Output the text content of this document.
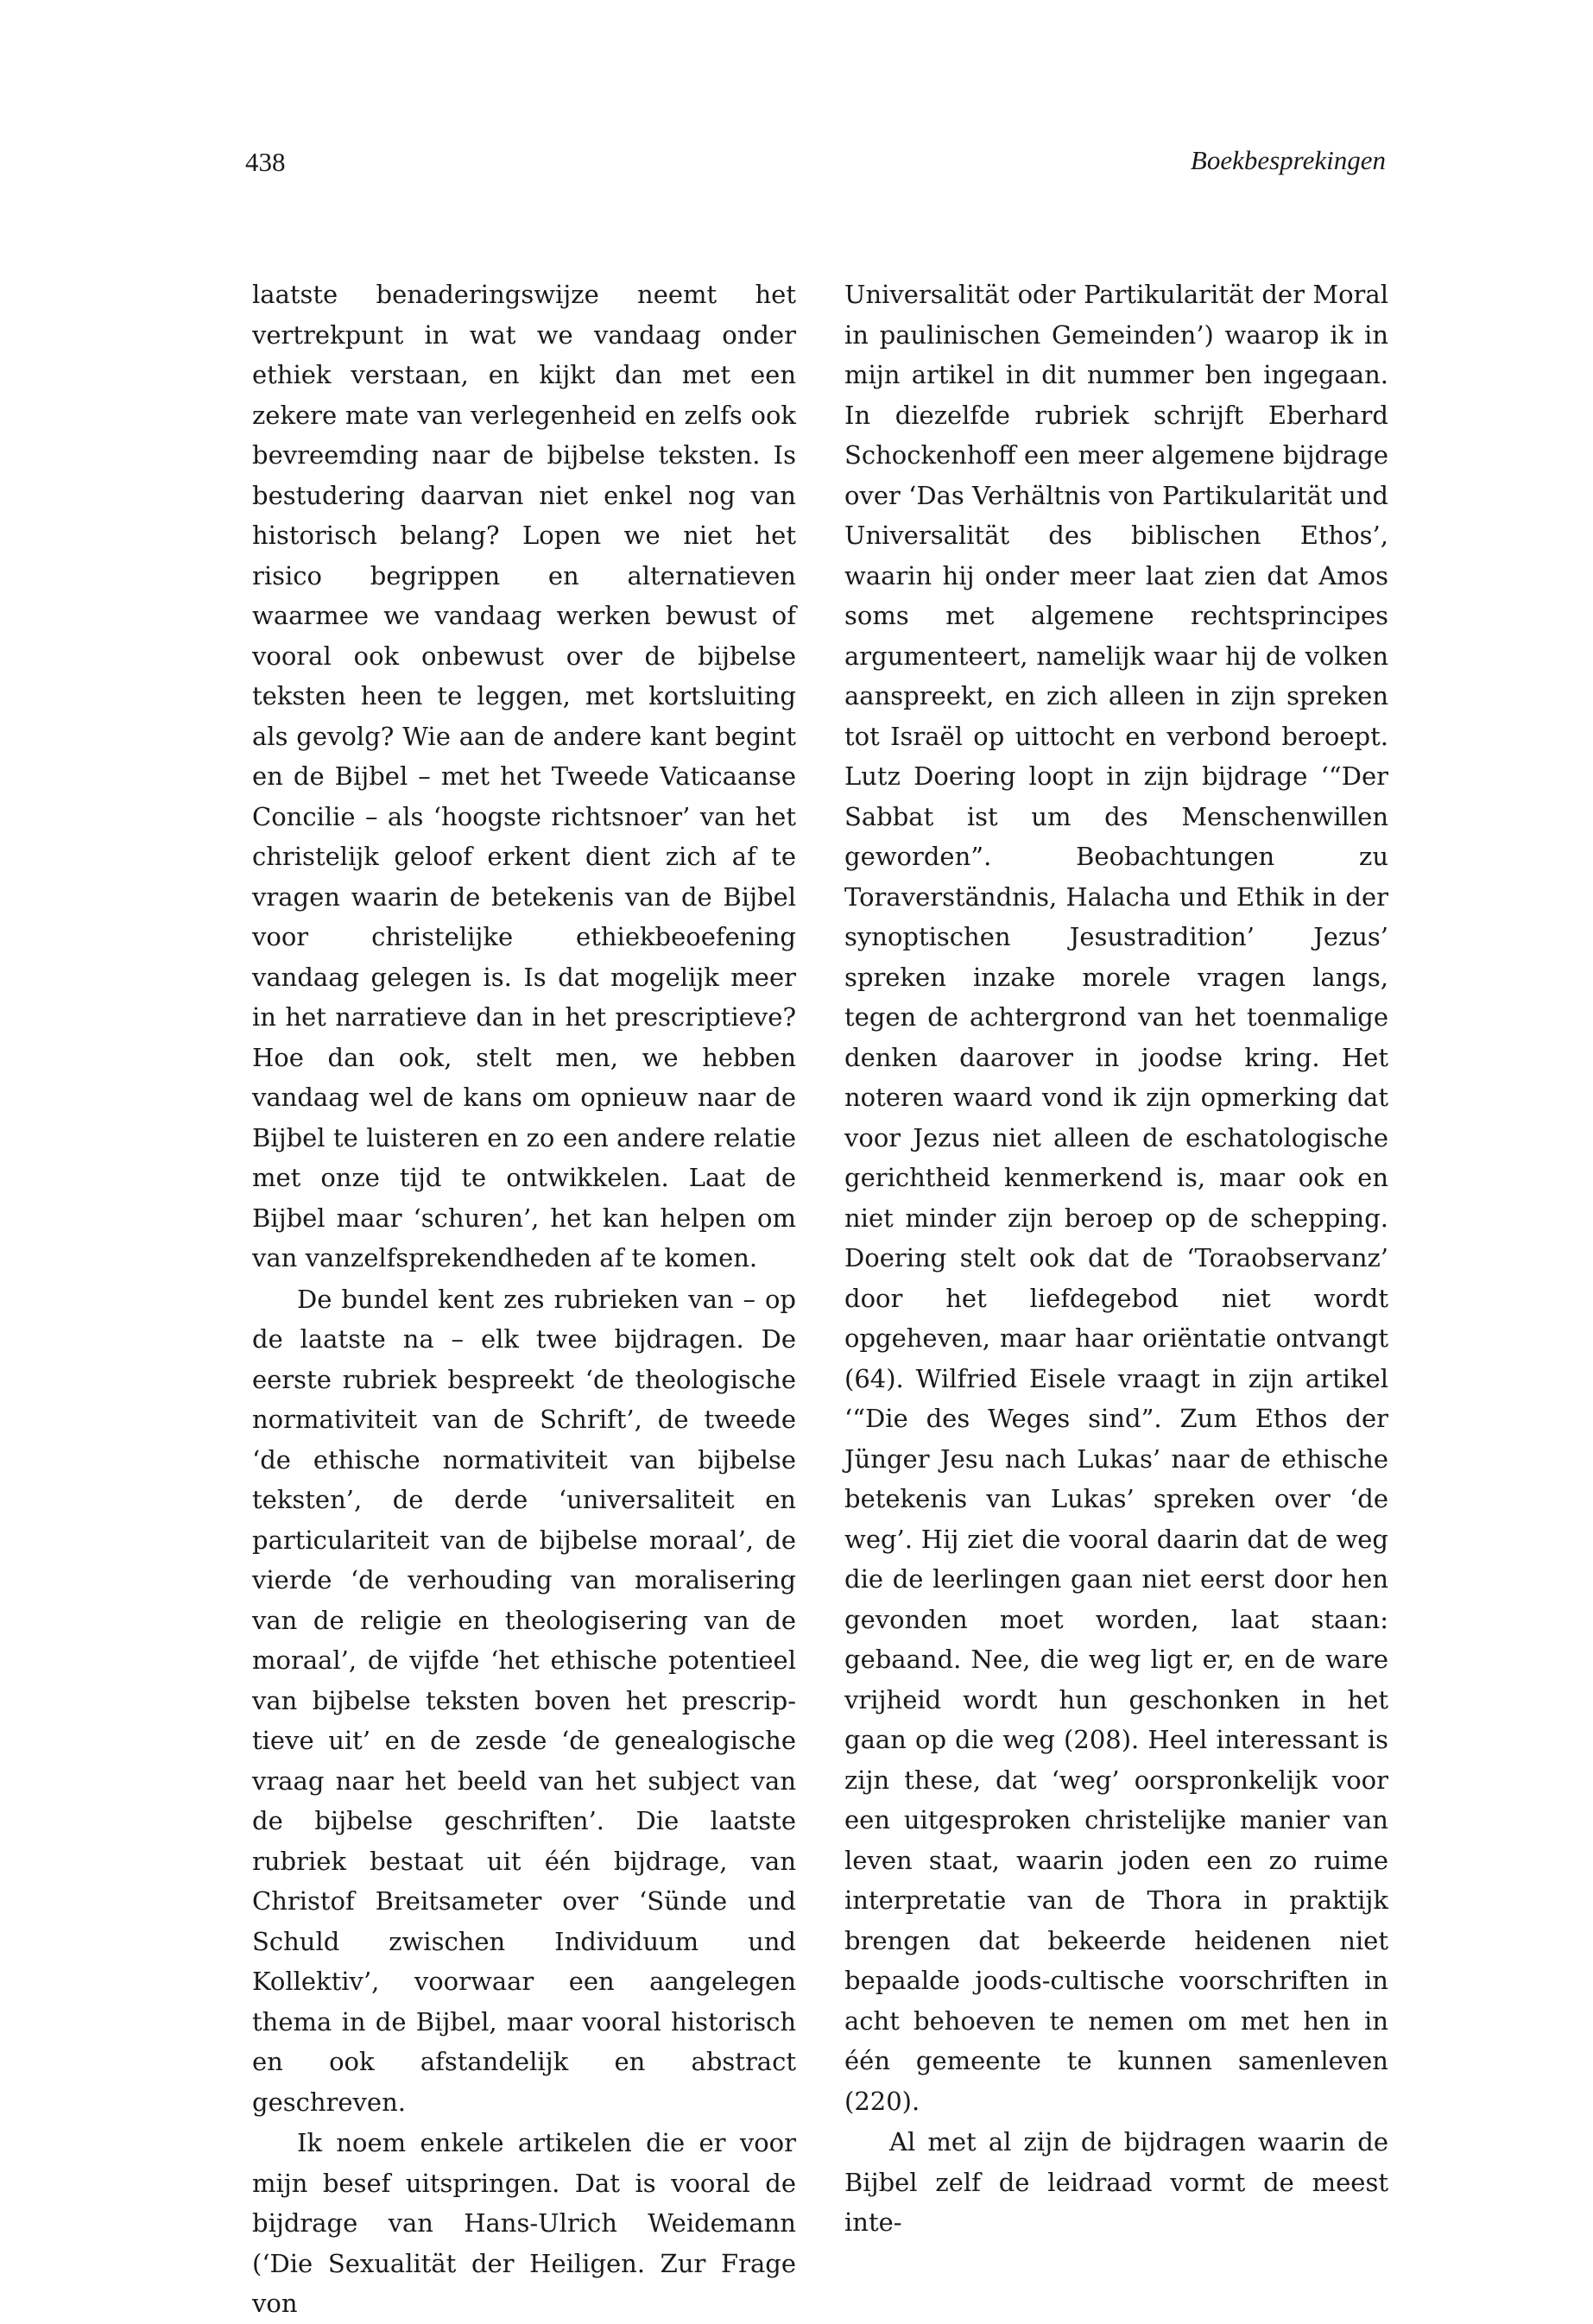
438	Boekbesprekingen

laatste benaderingswijze neemt het vertrekpunt in wat we vandaag onder ethiek verstaan, en kijkt dan met een zekere mate van verlegenheid en zelfs ook bevreemding naar de bijbelse teksten. Is bestudering daarvan niet enkel nog van historisch belang? Lopen we niet het risico begrippen en alternatieven waarmee we vandaag werken bewust of vooral ook onbewust over de bijbelse teksten heen te leggen, met kortsluiting als gevolg? Wie aan de andere kant begint en de Bijbel – met het Tweede Vaticaanse Concilie – als ‘hoogste richtsnoer’ van het christelijk geloof erkent dient zich af te vragen waarin de betekenis van de Bijbel voor christelijke ethiekbeoefening vandaag gelegen is. Is dat mogelijk meer in het narratieve dan in het prescriptieve? Hoe dan ook, stelt men, we hebben vandaag wel de kans om opnieuw naar de Bijbel te luisteren en zo een andere relatie met onze tijd te ontwikkelen. Laat de Bijbel maar ‘schuren’, het kan helpen om van vanzelfsprekendheden af te komen.

De bundel kent zes rubrieken van – op de laatste na – elk twee bijdragen. De eerste rubriek bespreekt ‘de theologische normativiteit van de Schrift’, de tweede ‘de ethische normativiteit van bijbelse teksten’, de derde ‘universaliteit en particulariteit van de bijbelse moraal’, de vierde ‘de verhouding van moralisering van de religie en theologisering van de moraal’, de vijfde ‘het ethische potentieel van bijbelse teksten boven het prescriptieve uit’ en de zesde ‘de genealogische vraag naar het beeld van het subject van de bijbelse geschriften’. Die laatste rubriek bestaat uit één bijdrage, van Christof Breitsameter over ‘Sünde und Schuld zwischen Individuum und Kollektiv’, voorwaar een aangelegen thema in de Bijbel, maar vooral historisch en ook afstandelijk en abstract geschreven.

Ik noem enkele artikelen die er voor mijn besef uitspringen. Dat is vooral de bijdrage van Hans-Ulrich Weidemann (‘Die Sexualität der Heiligen. Zur Frage von

Universalität oder Partikularität der Moral in paulinischen Gemeinden’) waarop ik in mijn artikel in dit nummer ben ingegaan. In diezelfde rubriek schrijft Eberhard Schockenhoff een meer algemene bijdrage over ‘Das Verhältnis von Partikularität und Universalität des biblischen Ethos’, waarin hij onder meer laat zien dat Amos soms met algemene rechtsprincipes argumenteert, namelijk waar hij de volken aanspreekt, en zich alleen in zijn spreken tot Israël op uittocht en verbond beroept. Lutz Doering loopt in zijn bijdrage ‘“Der Sabbat ist um des Menschenwillen geworden”. Beobachtungen zu Toraverständnis, Halacha und Ethik in der synoptischen Jesustradition’ Jezus’ spreken inzake morele vragen langs, tegen de achtergrond van het toenmalige denken daarover in joodse kring. Het noteren waard vond ik zijn opmerking dat voor Jezus niet alleen de eschatologische gerichtheid kenmerkend is, maar ook en niet minder zijn beroep op de schepping. Doering stelt ook dat de ‘Toraobservanz’ door het liefdegebod niet wordt opgeheven, maar haar oriëntatie ontvangt (64). Wilfried Eisele vraagt in zijn artikel ‘“Die des Weges sind”. Zum Ethos der Jünger Jesu nach Lukas’ naar de ethische betekenis van Lukas’ spreken over ‘de weg’. Hij ziet die vooral daarin dat de weg die de leerlingen gaan niet eerst door hen gevonden moet worden, laat staan: gebaand. Nee, die weg ligt er, en de ware vrijheid wordt hun geschonken in het gaan op die weg (208). Heel interessant is zijn these, dat ‘weg’ oorspronkelijk voor een uitgesproken christelijke manier van leven staat, waarin joden een zo ruime interpretatie van de Thora in praktijk brengen dat bekeerde heidenen niet bepaalde joods-cultische voorschriften in acht behoeven te nemen om met hen in één gemeente te kunnen samenleven (220).

Al met al zijn de bijdragen waarin de Bijbel zelf de leidraad vormt de meest inte-
